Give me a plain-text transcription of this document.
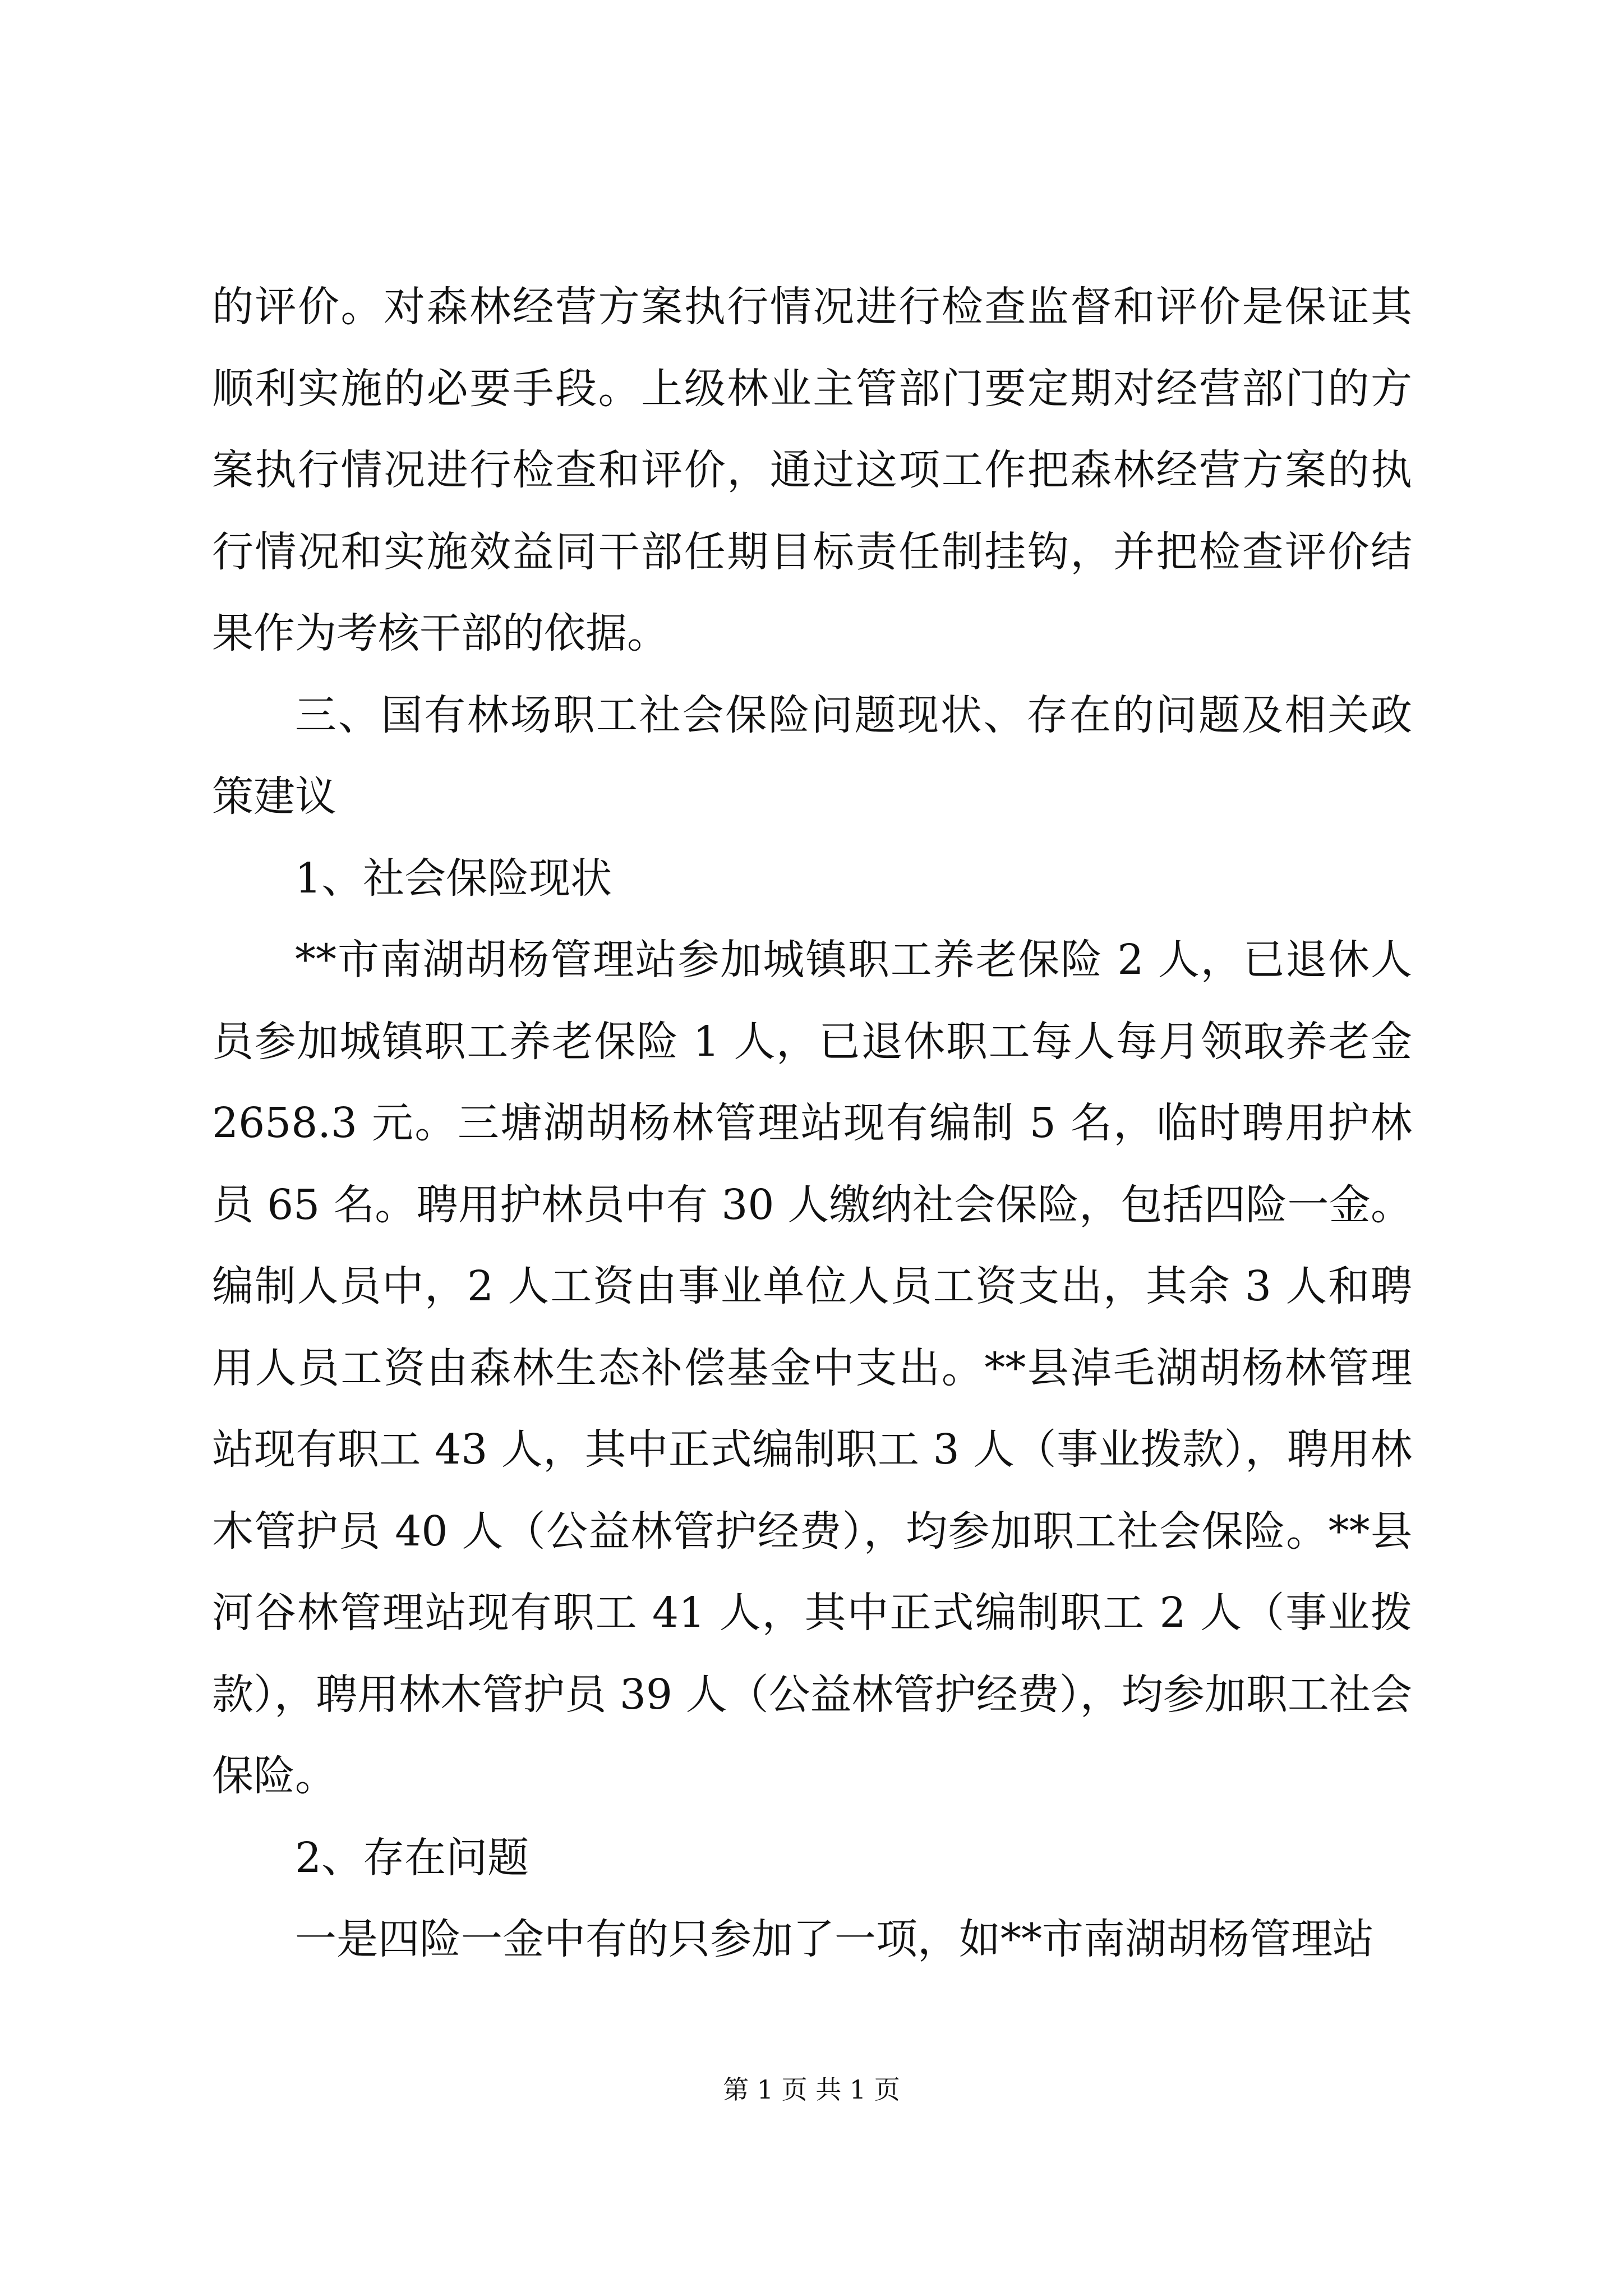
的评价。对森林经营方案执行情况进行检查监督和评价是保证其顺利实施的必要手段。上级林业主管部门要定期对经营部门的方案执行情况进行检查和评价，通过这项工作把森林经营方案的执行情况和实施效益同干部任期目标责任制挂钩，并把检查评价结果作为考核干部的依据。

三、国有林场职工社会保险问题现状、存在的问题及相关政策建议

1、社会保险现状

**市南湖胡杨管理站参加城镇职工养老保险 2 人，已退休人员参加城镇职工养老保险 1 人，已退休职工每人每月领取养老金 2658.3 元。三塘湖胡杨林管理站现有编制 5 名，临时聘用护林员 65 名。聘用护林员中有 30 人缴纳社会保险，包括四险一金。编制人员中，2 人工资由事业单位人员工资支出，其余 3 人和聘用人员工资由森林生态补偿基金中支出。**县淖毛湖胡杨林管理站现有职工 43 人，其中正式编制职工 3 人（事业拨款），聘用林木管护员 40 人（公益林管护经费），均参加职工社会保险。**县河谷林管理站现有职工 41 人，其中正式编制职工 2 人（事业拨款），聘用林木管护员 39 人（公益林管护经费），均参加职工社会保险。

2、存在问题

一是四险一金中有的只参加了一项，如**市南湖胡杨管理站

第 1 页 共 1 页
